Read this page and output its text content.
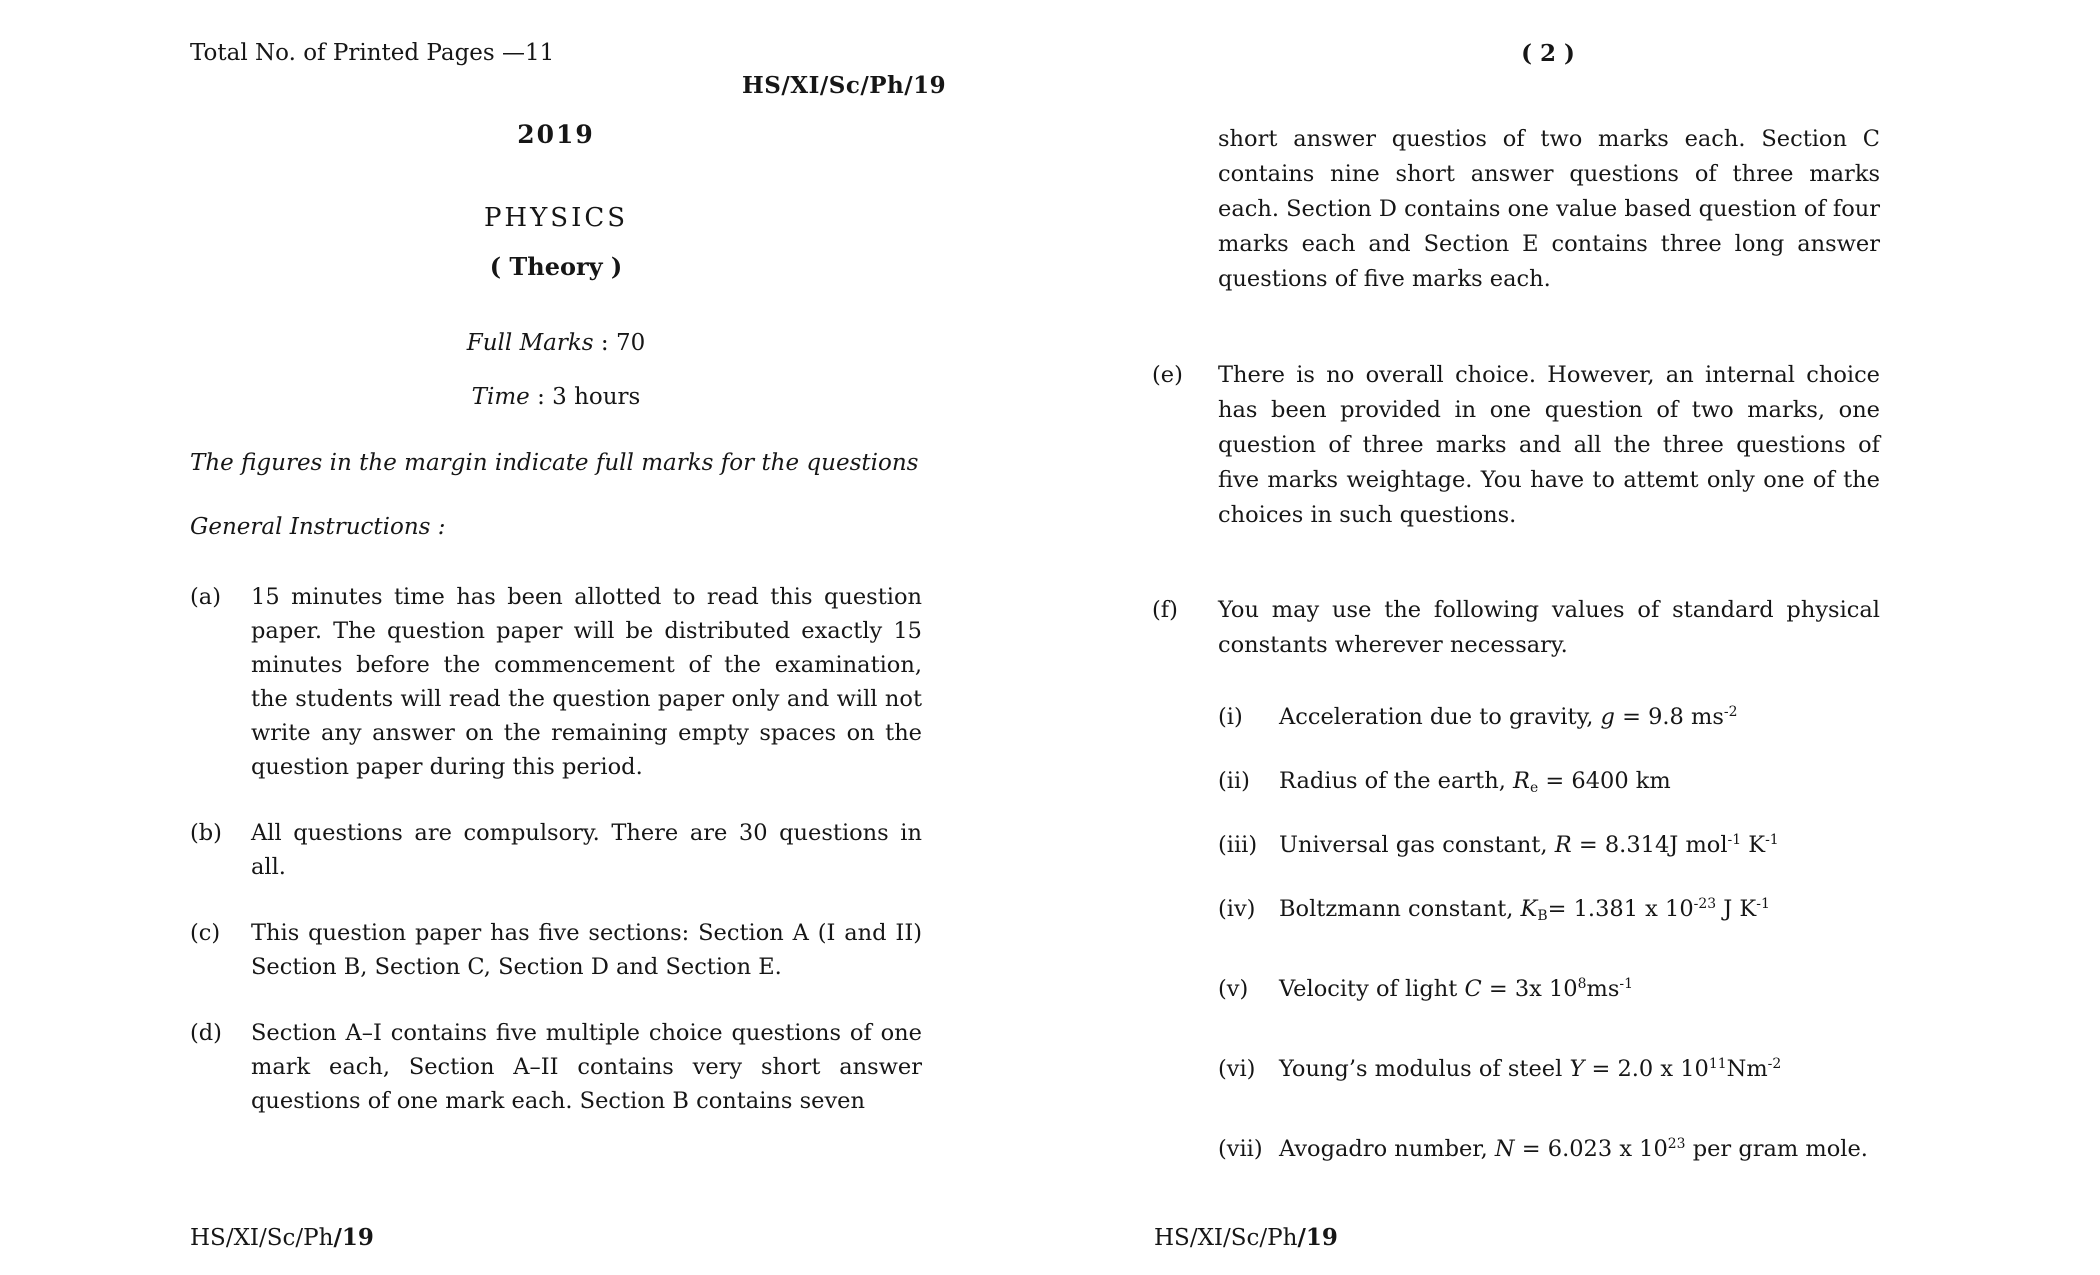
Total No. of Printed Pages —11
HS/XI/Sc/Ph/19
2019
PHYSICS
( Theory )
Full Marks : 70
Time : 3 hours
The figures in the margin indicate full marks for the questions
General Instructions :
(a)	15 minutes time has been allotted to read this question paper. The question paper will be distributed exactly 15 minutes before the commencement of the examination, the students will read the question paper only and will not write any answer on the remaining empty spaces on the question paper during this period.

(b)	All questions are compulsory. There are 30 questions in all.

(c)	This question paper has five sections: Section A (I and II) Section B, Section C, Section D and Section E.

(d)	Section A–I contains five multiple choice questions of one mark each, Section A–II contains very short answer questions of one mark each. Section B contains seven

HS/XI/Sc/Ph/19
( 2 )

short answer questios of two marks each. Section C contains nine short answer questions of three marks each. Section D contains one value based question of four marks each and Section E contains three long answer questions of five marks each.

(e)	There is no overall choice. However, an internal choice has been provided in one question of two marks, one question of three marks and all the three questions of five marks weightage. You have to attemt only one of the choices in such questions.

(f)	You may use the following values of standard physical constants wherever necessary.

(i)	Acceleration due to gravity, g = 9.8 $ms^{-2}$
(ii)	Radius of the earth, $R_e = 6400$ km
(iii) Universal gas constant, R = 8.314J mol$^{-1}$ $K^{-1}$
(iv)	Boltzmann constant, $K_B= 1.381$ x $10^{-23}$ J $K^{-1}$
(v)	Velocity of light C = 3x $10^8ms^{-1}$
(vi)	Young’s modulus of steel Y = 2.0 x $10^{11}Nm^{-2}$
(vii) Avogadro number, N = 6.023 x $10^{23}$ per gram mole.
HS/XI/Sc/Ph/19
